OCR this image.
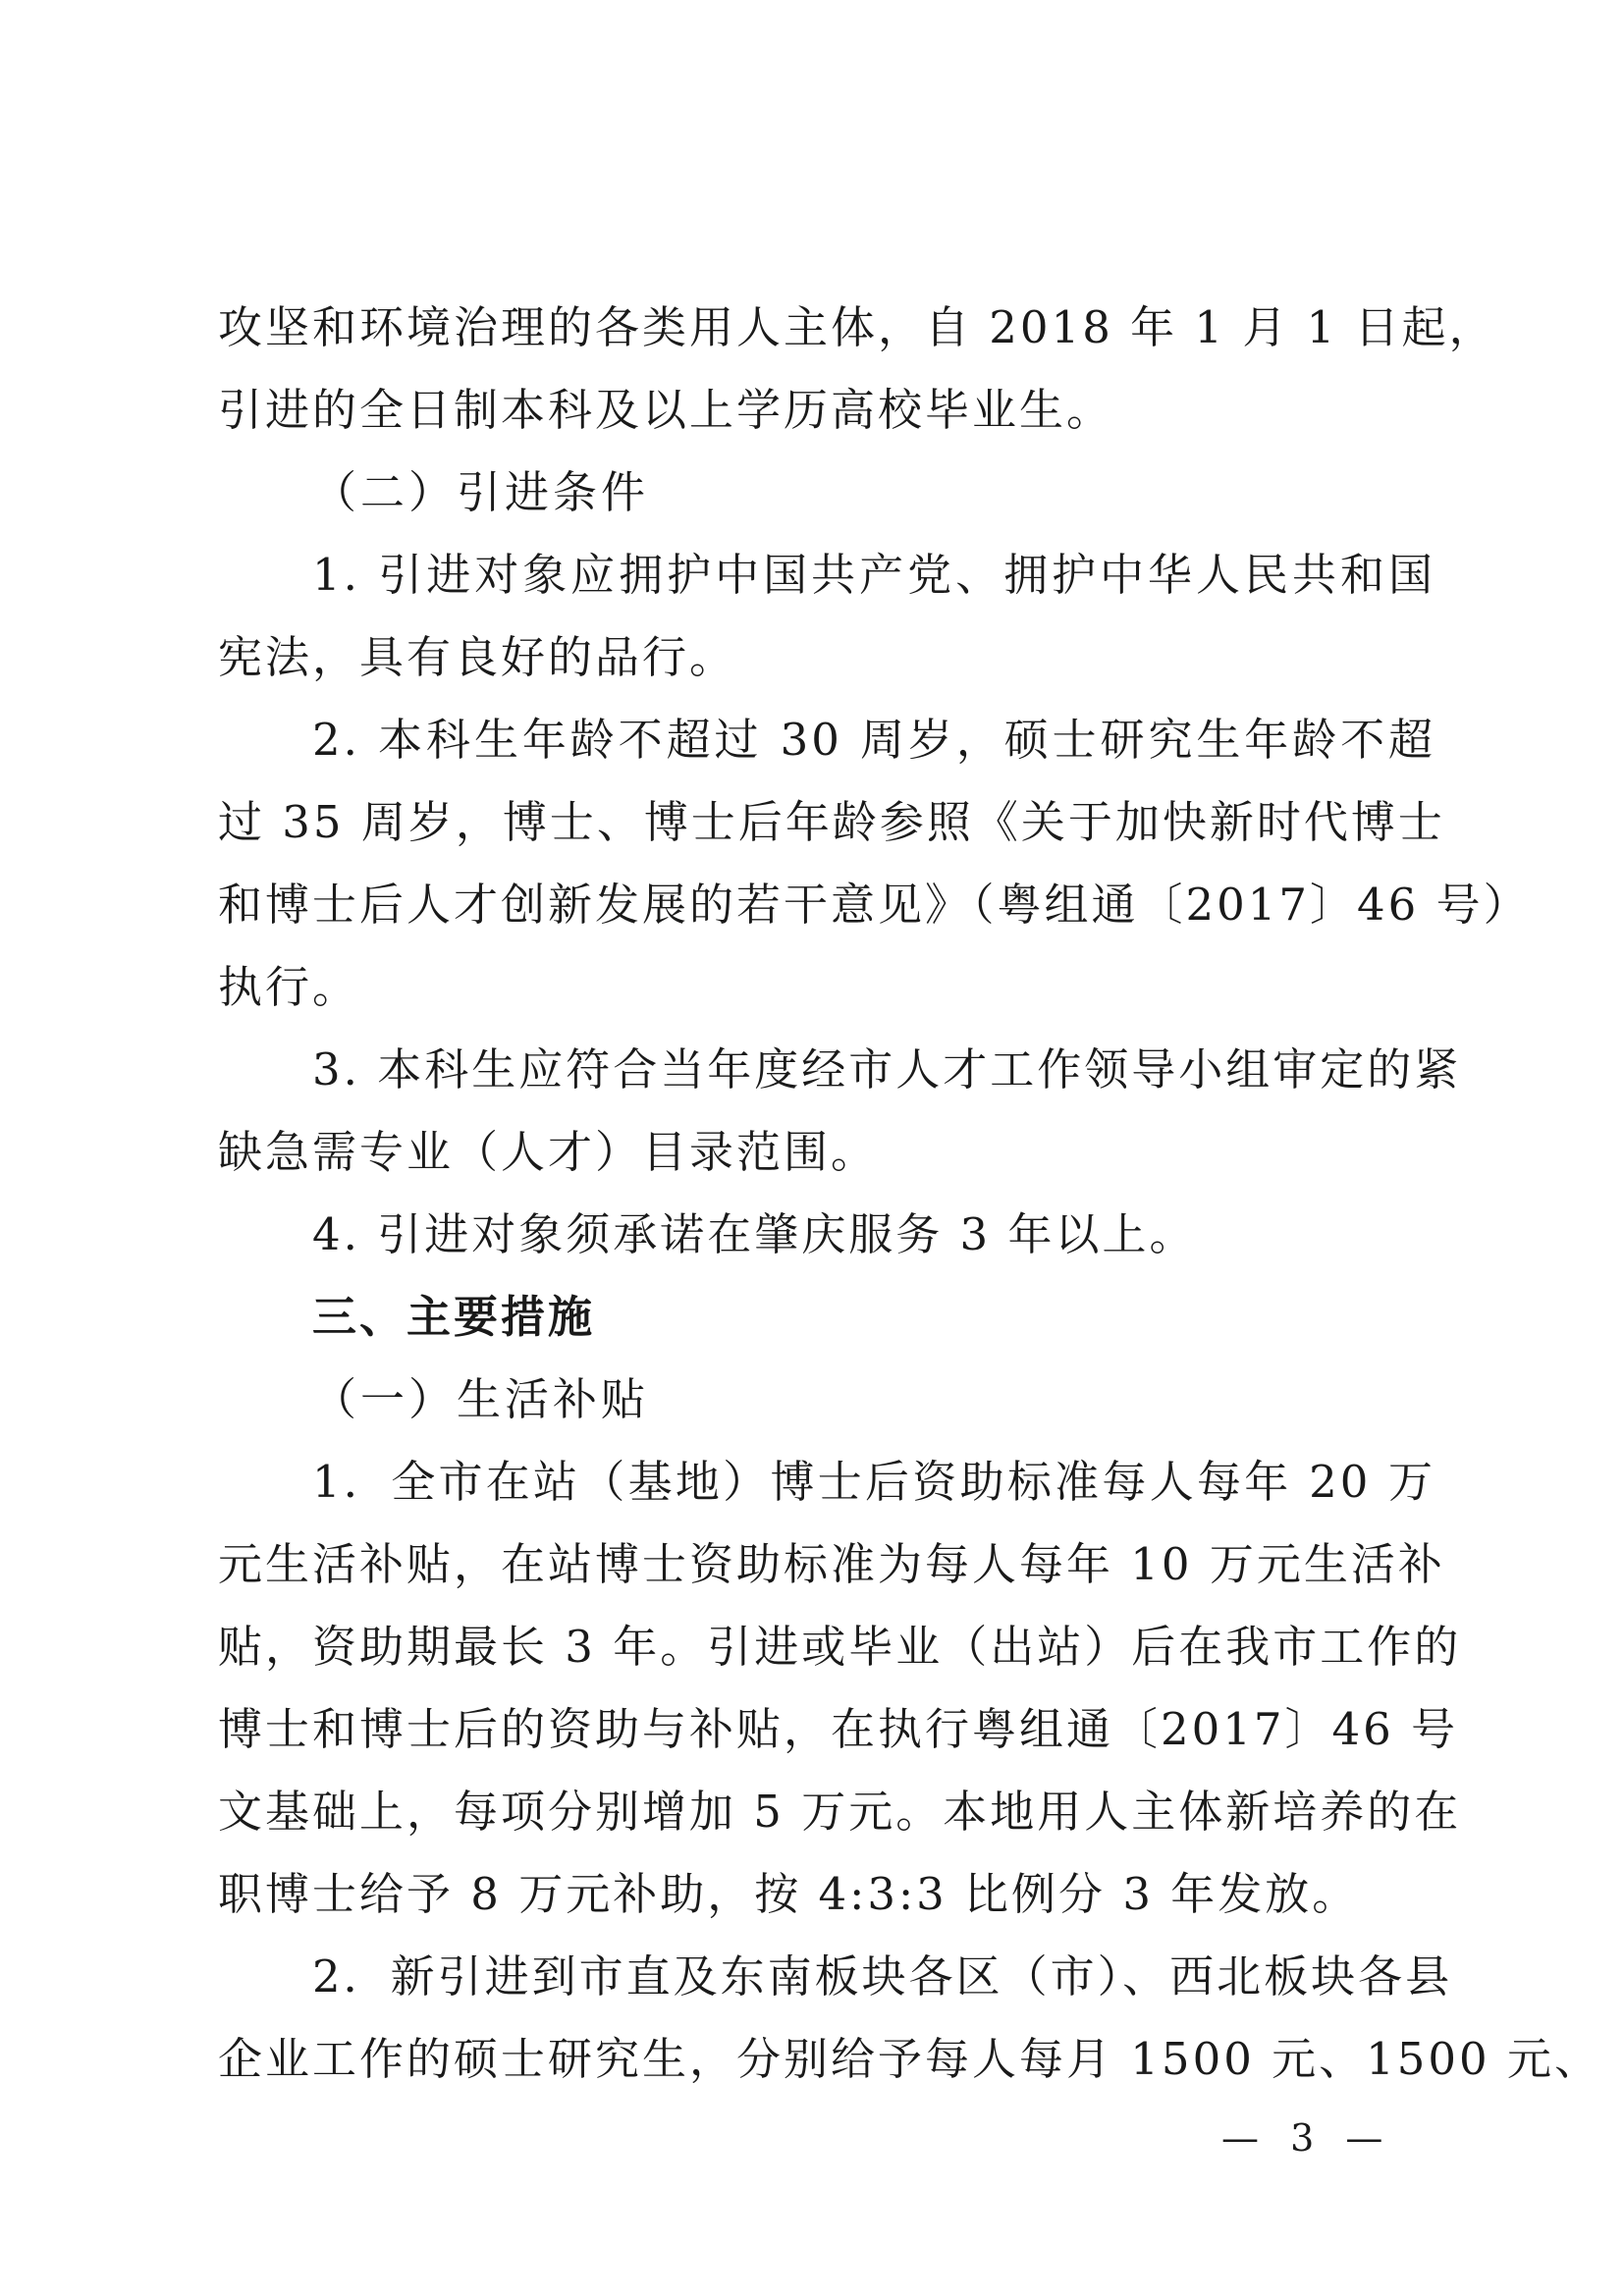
攻坚和环境治理的各类用人主体，自 2018 年 1 月 1 日起，
引进的全日制本科及以上学历高校毕业生。
（二）引进条件
1. 引进对象应拥护中国共产党、拥护中华人民共和国
宪法，具有良好的品行。
2. 本科生年龄不超过 30 周岁，硕士研究生年龄不超
过 35 周岁，博士、博士后年龄参照《关于加快新时代博士
和博士后人才创新发展的若干意见》（粤组通〔2017〕46 号）
执行。
3. 本科生应符合当年度经市人才工作领导小组审定的紧
缺急需专业（人才）目录范围。
4. 引进对象须承诺在肇庆服务 3 年以上。
三、主要措施
（一）生活补贴
1．全市在站（基地）博士后资助标准每人每年 20 万
元生活补贴，在站博士资助标准为每人每年 10 万元生活补
贴，资助期最长 3 年。引进或毕业（出站）后在我市工作的
博士和博士后的资助与补贴，在执行粤组通〔2017〕46 号
文基础上，每项分别增加 5 万元。本地用人主体新培养的在
职博士给予 8 万元补助，按 4:3:3 比例分 3 年发放。
2．新引进到市直及东南板块各区（市）、西北板块各县
企业工作的硕士研究生，分别给予每人每月 1500 元、1500 元、
— 3 —
